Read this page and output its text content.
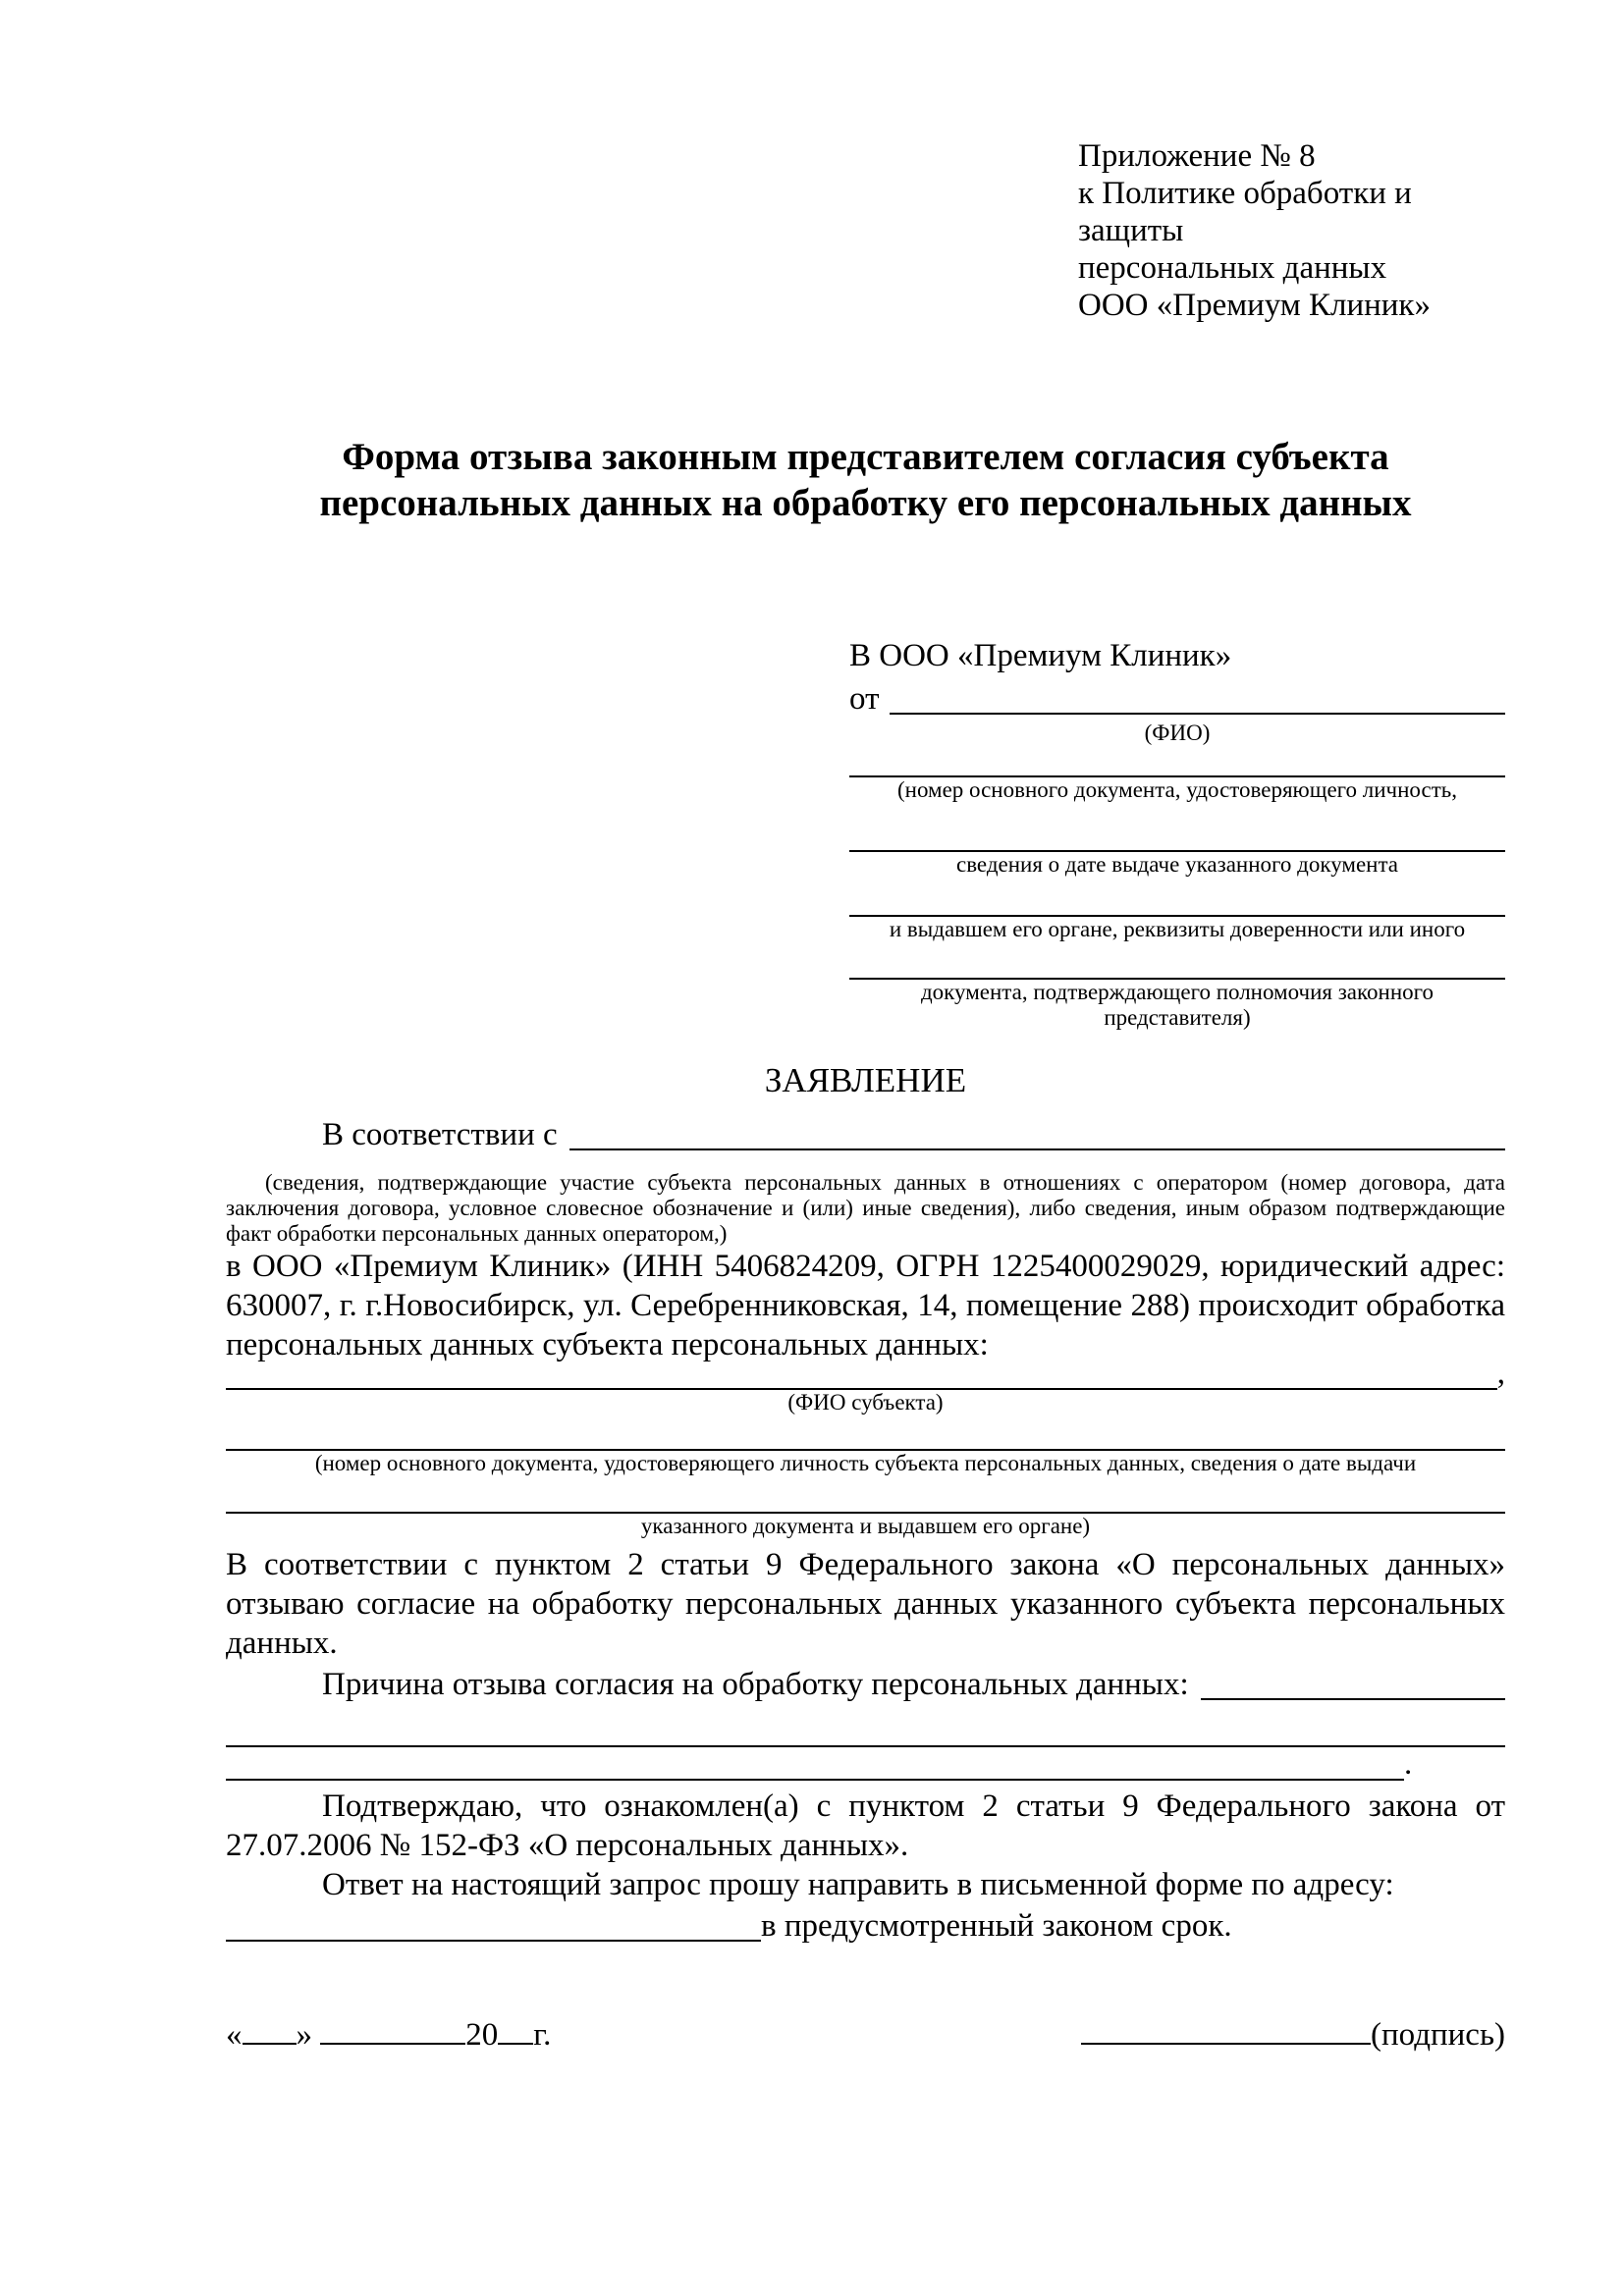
Приложение № 8
к Политике обработки и защиты
персональных данных
ООО «Премиум Клиник»
Форма отзыва законным представителем согласия субъекта
персональных данных на обработку его персональных данных
В ООО «Премиум Клиник»
от
(ФИО)
(номер основного документа, удостоверяющего личность,
сведения о дате выдаче указанного документа
и выдавшем его органе, реквизиты доверенности или иного
документа, подтверждающего полномочия законного представителя)
ЗАЯВЛЕНИЕ
В соответствии с
(сведения, подтверждающие участие субъекта персональных данных в отношениях с оператором (номер договора, дата заключения договора, условное словесное обозначение и (или) иные сведения), либо сведения, иным образом подтверждающие факт обработки персональных данных оператором,)
в ООО «Премиум Клиник» (ИНН 5406824209, ОГРН 1225400029029, юридический адрес: 630007, г. г.Новосибирск, ул. Серебренниковская, 14, помещение 288) происходит обработка персональных данных субъекта персональных данных:
,
(ФИО субъекта)
(номер основного документа, удостоверяющего личность субъекта персональных данных, сведения о дате выдачи
указанного документа и выдавшем его органе)
В соответствии с пунктом 2 статьи 9 Федерального закона «О персональных данных» отзываю согласие на обработку персональных данных указанного субъекта персональных данных.
Причина отзыва согласия на обработку персональных данных:
.
Подтверждаю, что ознакомлен(а) с пунктом 2 статьи 9 Федерального закона от 27.07.2006 № 152-ФЗ «О персональных данных».
Ответ на настоящий запрос прошу направить в письменной форме по адресу:
в предусмотренный законом срок.
« »	20 г.	(подпись)
